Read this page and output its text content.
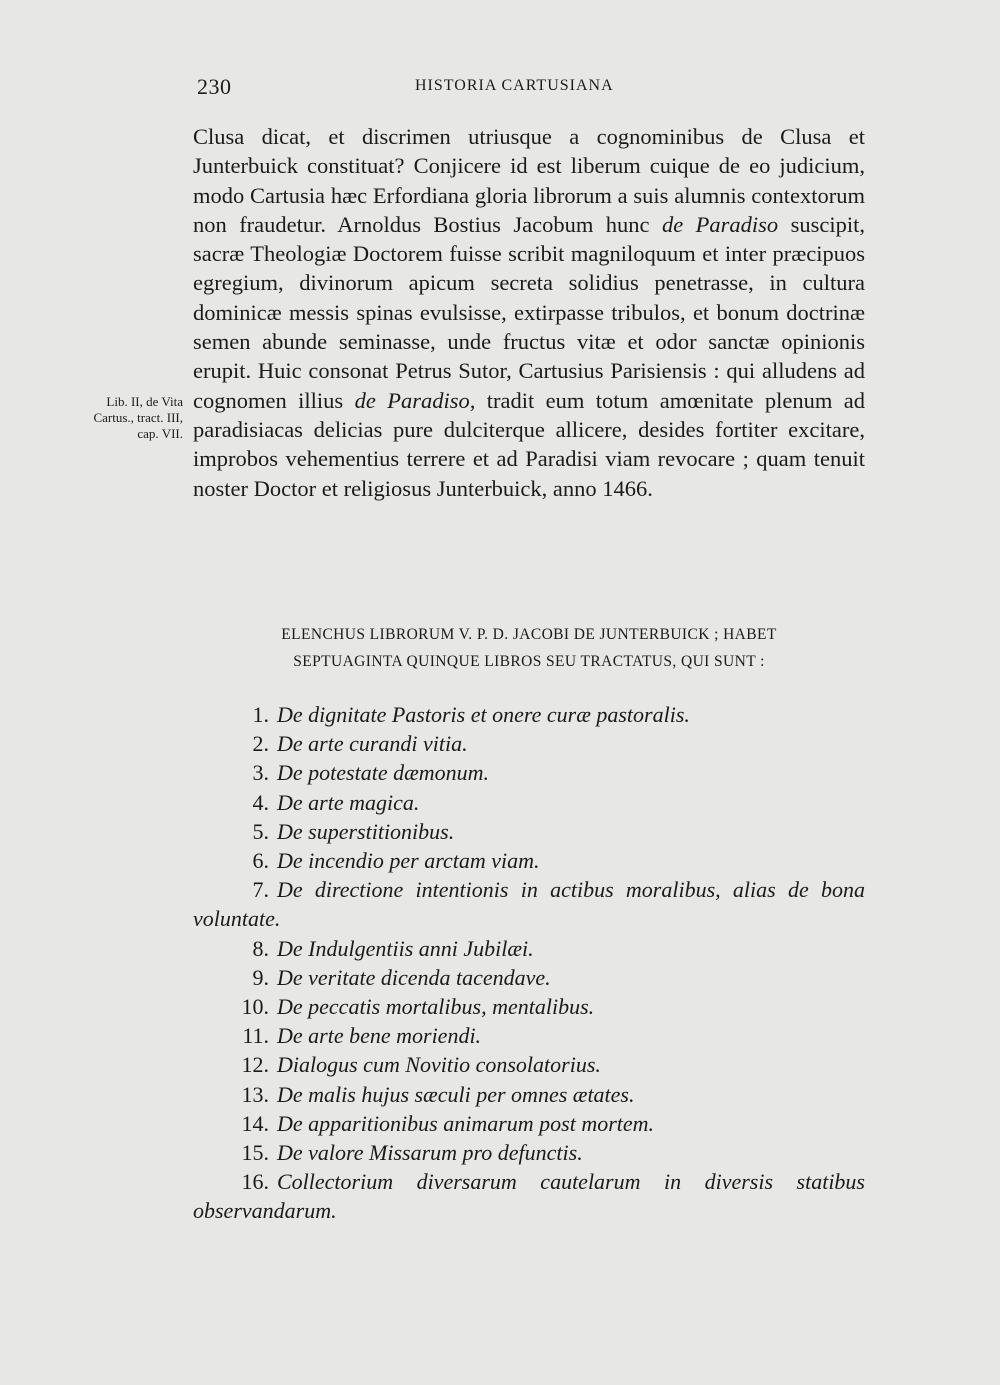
230	HISTORIA CARTUSIANA
Lib. II, de Vita
Cartus., tract. III,
cap. VII.

Clusa dicat, et discrimen utriusque a cognominibus de Clusa et Junterbuick constituat? Conjicere id est liberum cuique de eo judicium, modo Cartusia hæc Erfordiana gloria librorum a suis alumnis contextorum non fraudetur. Arnoldus Bostius Jacobum hunc de Paradiso suscipit, sacræ Theologiæ Doctorem fuisse scribit magniloquum et inter præcipuos egregium, divinorum apicum secreta solidius penetrasse, in cultura dominicæ messis spinas evulsisse, extirpasse tribulos, et bonum doctrinæ semen abunde seminasse, unde fructus vitæ et odor sanctæ opinionis erupit. Huic consonat Petrus Sutor, Cartusius Parisiensis : qui alludens ad cognomen illius de Paradiso, tradit eum totum amœnitate plenum ad paradisiacas delicias pure dulciterque allicere, desides fortiter excitare, improbos vehementius terrere et ad Paradisi viam revocare ; quam tenuit noster Doctor et religiosus Junterbuick, anno 1466.

ELENCHUS LIBRORUM V. P. D. JACOBI DE JUNTERBUICK ; HABET
SEPTUAGINTA QUINQUE LIBROS SEU TRACTATUS, QUI SUNT :
1. De dignitate Pastoris et onere curæ pastoralis.
2. De arte curandi vitia.
3. De potestate dæmonum.
4. De arte magica.
5. De superstitionibus.
6. De incendio per arctam viam.
7. De directione intentionis in actibus moralibus, alias de bona voluntate.
8. De Indulgentiis anni Jubilæi.
9. De veritate dicenda tacendave.
10. De peccatis mortalibus, mentalibus.
11. De arte bene moriendi.
12. Dialogus cum Novitio consolatorius.
13. De malis hujus sæculi per omnes ætates.
14. De apparitionibus animarum post mortem.
15. De valore Missarum pro defunctis.
16. Collectorium diversarum cautelarum in diversis statibus observandarum.
